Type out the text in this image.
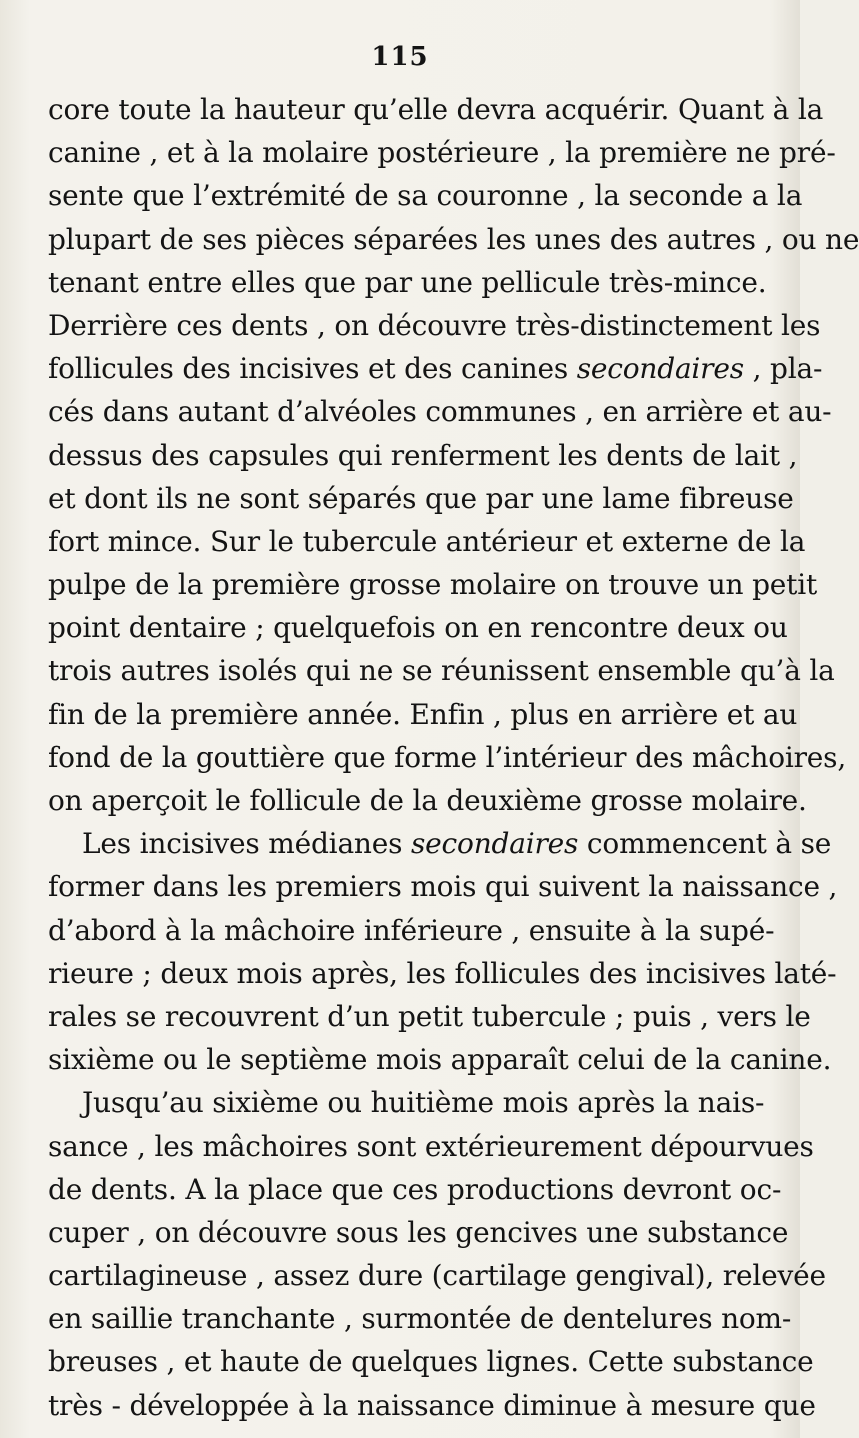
115
core toute la hauteur qu’elle devra acquérir. Quant à la
canine , et à la molaire postérieure , la première ne pré-
sente que l’extrémité de sa couronne , la seconde a la
plupart de ses pièces séparées les unes des autres , ou ne
tenant entre elles que par une pellicule très-mince.
Derrière ces dents , on découvre très-distinctement les
follicules des incisives et des canines secondaires , pla-
cés dans autant d’alvéoles communes , en arrière et au-
dessus des capsules qui renferment les dents de lait ,
et dont ils ne sont séparés que par une lame fibreuse
fort mince. Sur le tubercule antérieur et externe de la
pulpe de la première grosse molaire on trouve un petit
point dentaire ; quelquefois on en rencontre deux ou
trois autres isolés qui ne se réunissent ensemble qu’à la
fin de la première année. Enfin , plus en arrière et au
fond de la gouttière que forme l’intérieur des mâchoires,
on aperçoit le follicule de la deuxième grosse molaire.
Les incisives médianes secondaires commencent à se
former dans les premiers mois qui suivent la naissance ,
d’abord à la mâchoire inférieure , ensuite à la supé-
rieure ; deux mois après, les follicules des incisives laté-
rales se recouvrent d’un petit tubercule ; puis , vers le
sixième ou le septième mois apparaît celui de la canine.
Jusqu’au sixième ou huitième mois après la nais-
sance , les mâchoires sont extérieurement dépourvues
de dents. A la place que ces productions devront oc-
cuper , on découvre sous les gencives une substance
cartilagineuse , assez dure (cartilage gengival), relevée
en saillie tranchante , surmontée de dentelures nom-
breuses , et haute de quelques lignes. Cette substance
très - développée à la naissance diminue à mesure que
